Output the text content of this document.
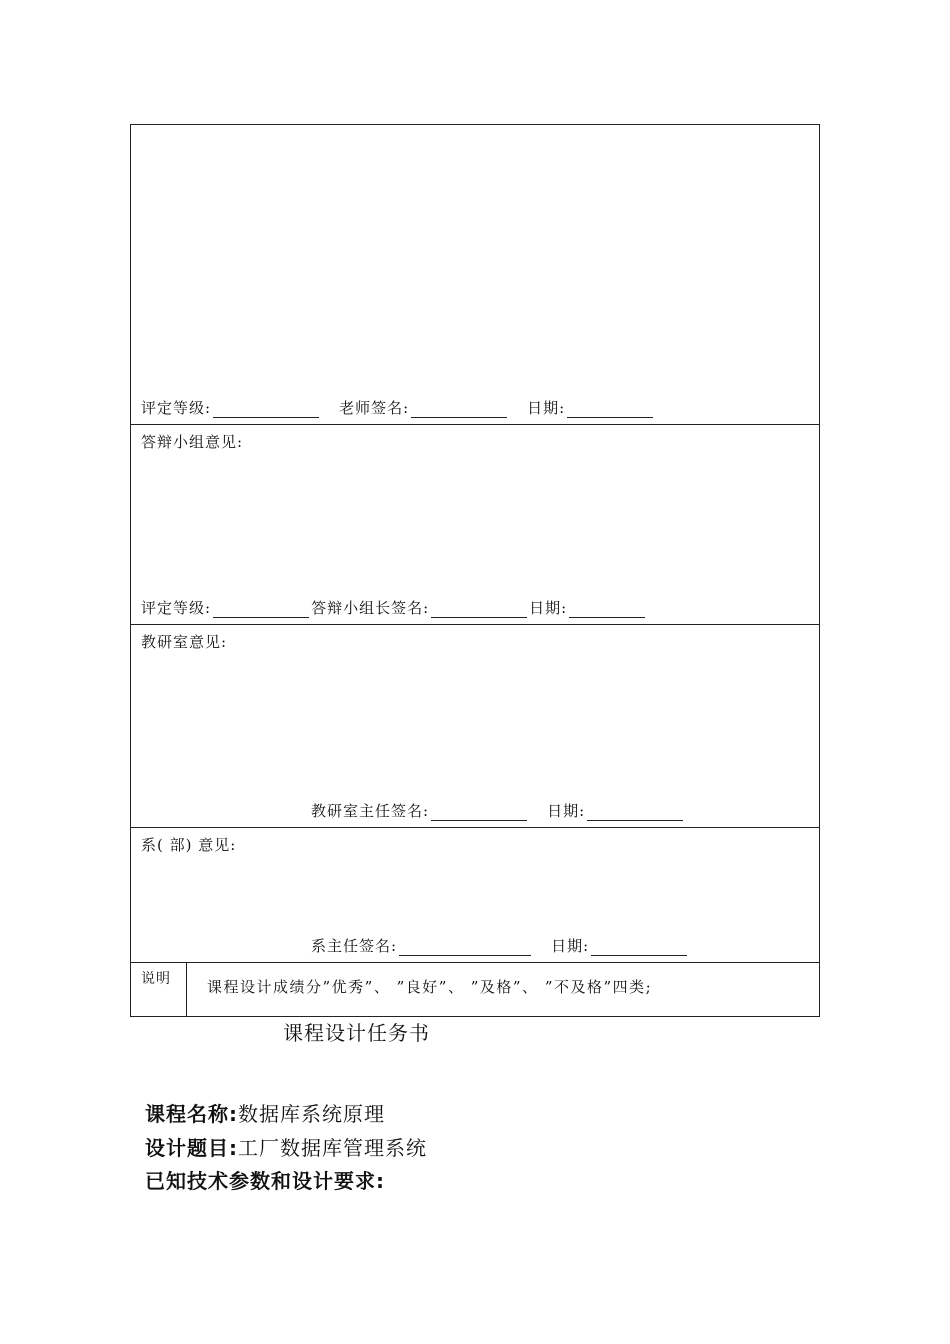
评定等级:	老师签名:	日期:
答辩小组意见:
评定等级:	答辩小组长签名:	日期:
教研室意见:
教研室主任签名:	日期:
系( 部) 意见:
系主任签名:	日期:
说明 课程设计成绩分”优秀”、 ”良好”、 ”及格”、 ”不及格”四类;
课程设计任务书
课程名称:数据库系统原理
设计题目:工厂数据库管理系统
已知技术参数和设计要求:
